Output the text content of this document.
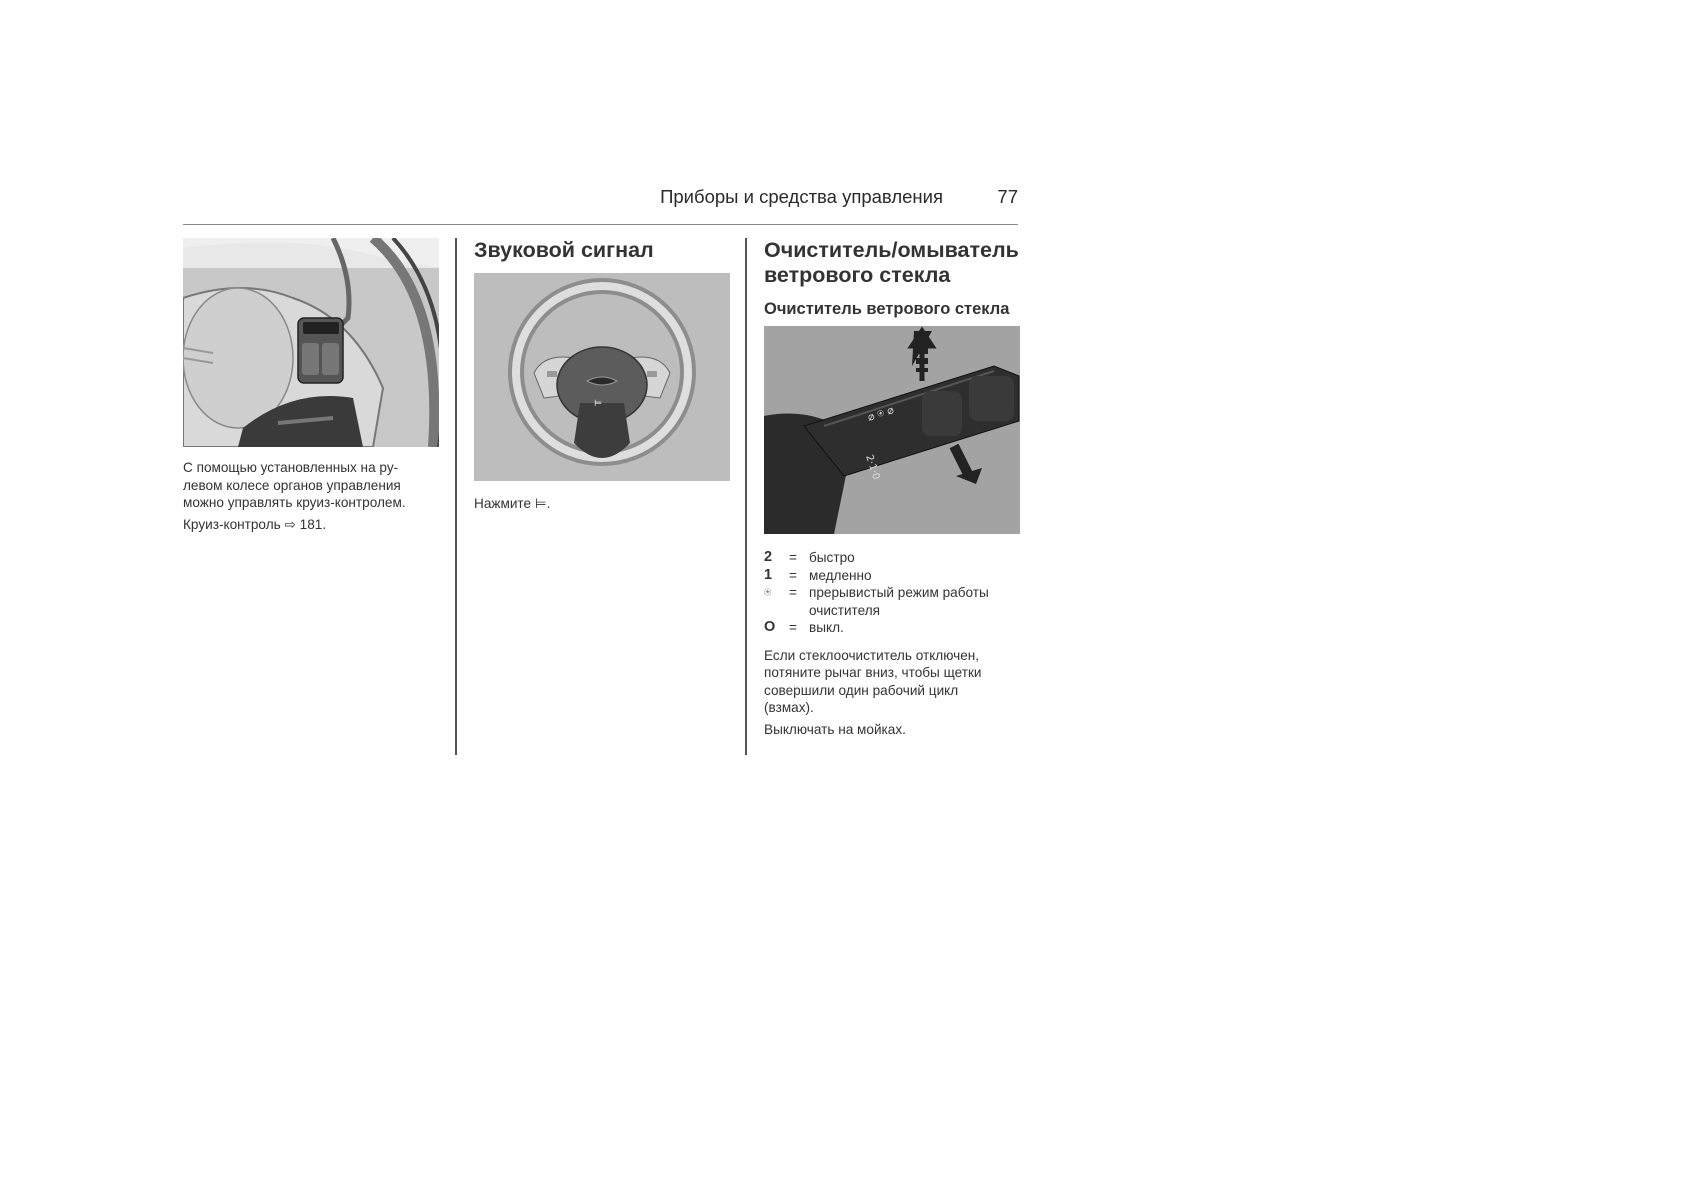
Приборы и средства управления	77

С помощью установленных на ру-
левом колесе органов управления
можно управлять круиз-контролем.

Круиз-контроль ⇨ 181.

Звуковой сигнал
⊨

Нажмите ⊨.

Очиститель/омыватель
ветрового стекла
Очиститель ветрового стекла
⌀ ⍟ ⌀
2·1·0
2	= быстро
1	= медленно
⍟	= прерывистый режим работы очистителя
O	= выкл.

Если стеклоочиститель отключен,
потяните рычаг вниз, чтобы щетки
совершили один рабочий цикл
(взмах).

Выключать на мойках.
